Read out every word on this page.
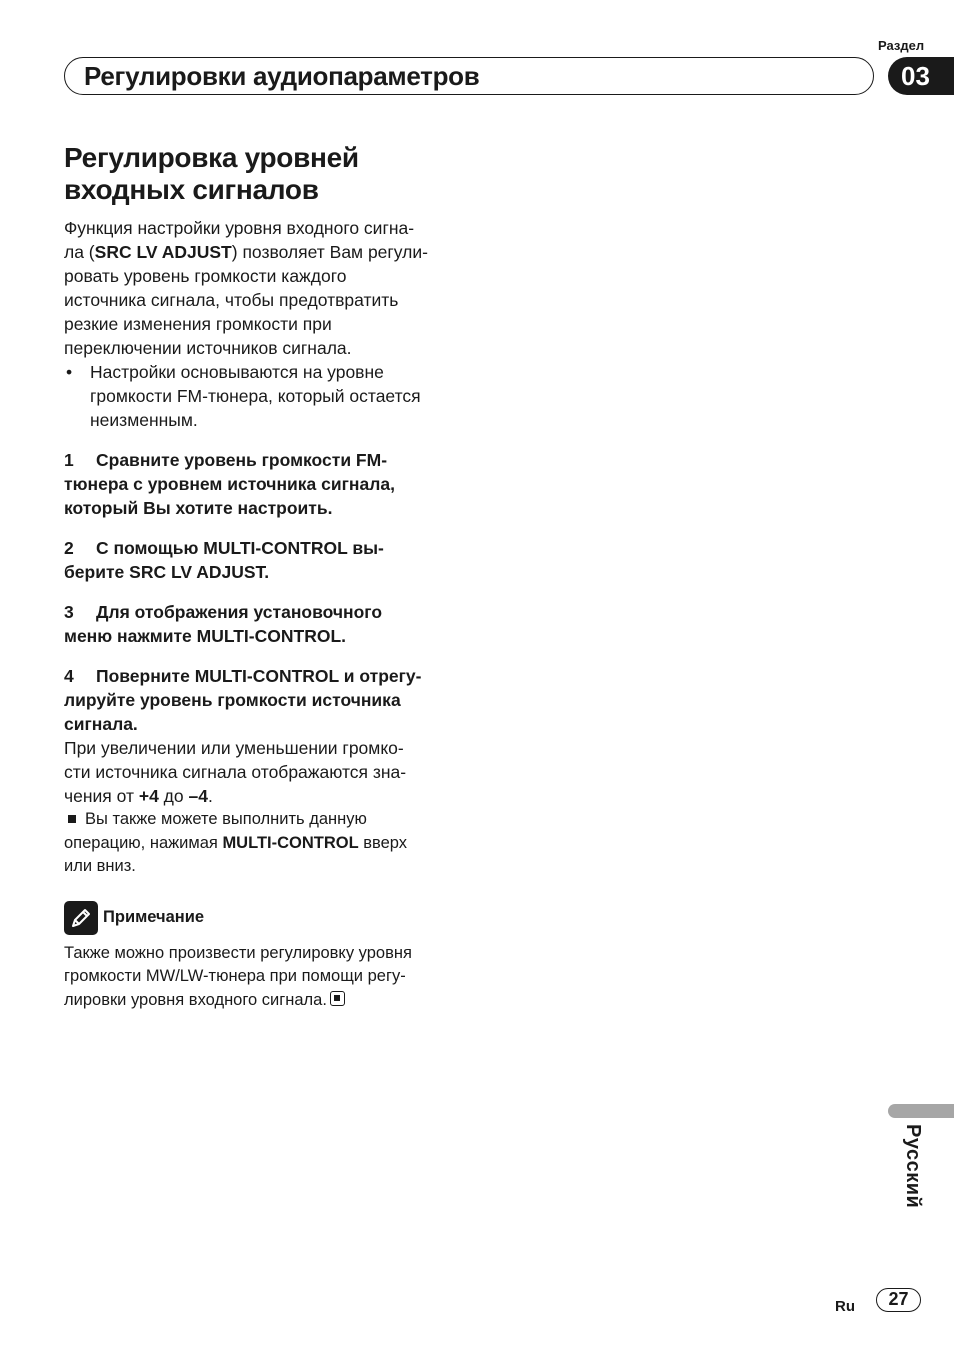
Раздел
Регулировки аудиопараметров	03
Регулировка уровней
входных сигналов
Функция настройки уровня входного сигна-
ла (SRC LV ADJUST) позволяет Вам регули-
ровать уровень громкости каждого
источника сигнала, чтобы предотвратить
резкие изменения громкости при
переключении источников сигнала.
• Настройки основываются на уровне
громкости FM-тюнера, который остается
неизменным.
1 Сравните уровень громкости FM-
тюнера с уровнем источника сигнала,
который Вы хотите настроить.
2 С помощью MULTI-CONTROL вы-
берите SRC LV ADJUST.
3 Для отображения установочного
меню нажмите MULTI-CONTROL.
4 Поверните MULTI-CONTROL и отрегу-
лируйте уровень громкости источника
сигнала.
При увеличении или уменьшении громко-
сти источника сигнала отображаются зна-
чения от +4 до –4.
Вы также можете выполнить данную
операцию, нажимая MULTI-CONTROL вверх
или вниз.
Примечание
Также можно произвести регулировку уровня
громкости MW/LW-тюнера при помощи регу-
лировки уровня входного сигнала.
Русский
Ru	27
